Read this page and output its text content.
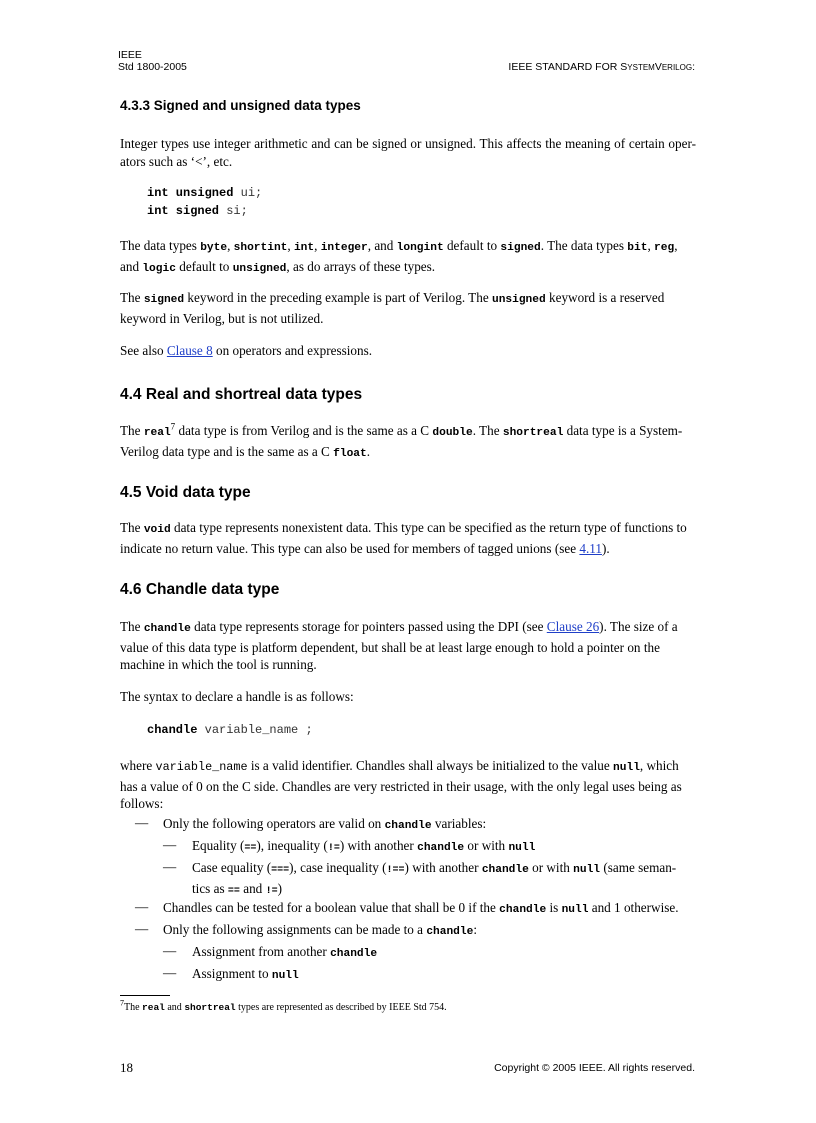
IEEE
Std 1800-2005	IEEE STANDARD FOR SYSTEMVERILOG:
4.3.3 Signed and unsigned data types
Integer types use integer arithmetic and can be signed or unsigned. This affects the meaning of certain oper-ators such as ‘<’, etc.
int unsigned ui;
int signed si;
The data types byte, shortint, int, integer, and longint default to signed. The data types bit, reg,
and logic default to unsigned, as do arrays of these types.
The signed keyword in the preceding example is part of Verilog. The unsigned keyword is a reserved
keyword in Verilog, but is not utilized.
See also Clause 8 on operators and expressions.
4.4 Real and shortreal data types
The real$^7$ data type is from Verilog and is the same as a C double. The shortreal data type is a System-
Verilog data type and is the same as a C float.
4.5 Void data type
The void data type represents nonexistent data. This type can be specified as the return type of functions to
indicate no return value. This type can also be used for members of tagged unions (see 4.11).
4.6 Chandle data type
The chandle data type represents storage for pointers passed using the DPI (see Clause 26). The size of a
value of this data type is platform dependent, but shall be at least large enough to hold a pointer on the
machine in which the tool is running.
The syntax to declare a handle is as follows:
chandle variable_name ;
where variable_name is a valid identifier. Chandles shall always be initialized to the value null, which
has a value of 0 on the C side. Chandles are very restricted in their usage, with the only legal uses being as
follows:
— Only the following operators are valid on chandle variables:
— Equality (==), inequality (!=) with another chandle or with null
— Case equality (===), case inequality (!==) with another chandle or with null (same seman-
tics as == and !=)
— Chandles can be tested for a boolean value that shall be 0 if the chandle is null and 1 otherwise.
— Only the following assignments can be made to a chandle:
— Assignment from another chandle
— Assignment to null
$^7$The real and shortreal types are represented as described by IEEE Std 754.
18	Copyright © 2005 IEEE. All rights reserved.
